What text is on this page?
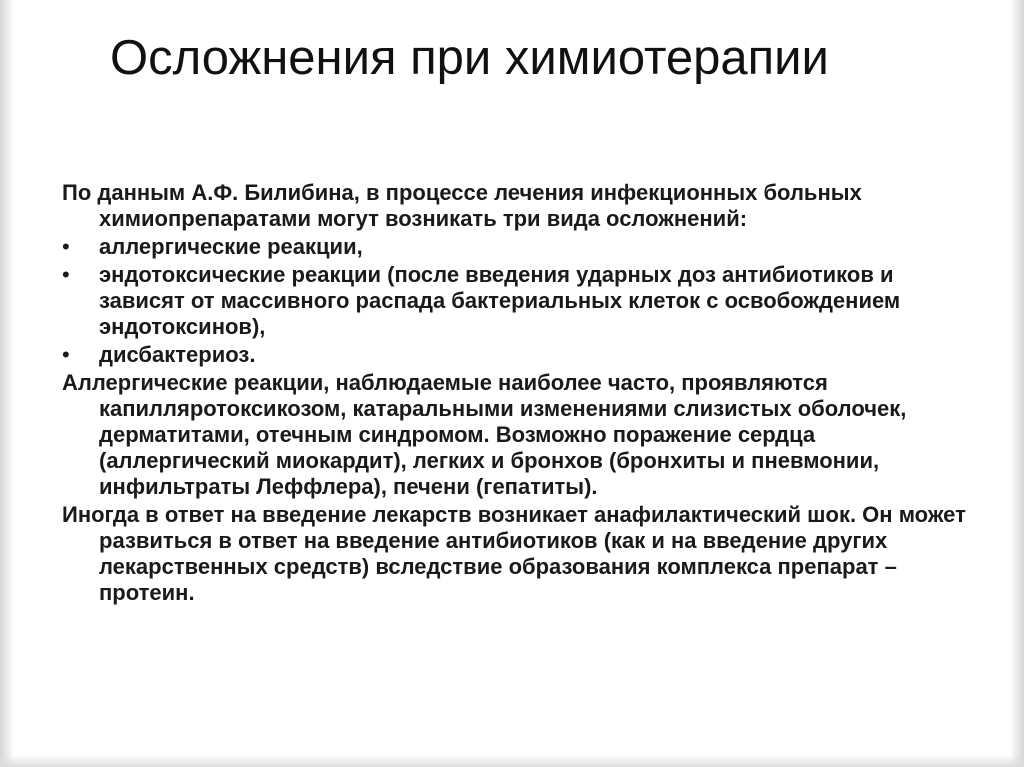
Осложнения при химиотерапии
По данным А.Ф. Билибина, в процессе лечения инфекционных больных химиопрепаратами могут возникать три вида осложнений:
•	аллергические реакции,
•	эндотоксические реакции (после введения ударных доз антибиотиков и зависят от массивного распада бактериальных клеток с освобождением эндотоксинов),
•	дисбактериоз.
Аллергические реакции, наблюдаемые наиболее часто, проявляются капилляротоксикозом, катаральными изменениями слизистых оболочек, дерматитами, отечным синдромом. Возможно поражение сердца (аллергический миокардит), легких и бронхов (бронхиты и пневмонии, инфильтраты Леффлера), печени (гепатиты).
Иногда в ответ на введение лекарств возникает анафилактический шок. Он может развиться в ответ на введение антибиотиков (как и на введение других лекарственных средств) вследствие образования комплекса препарат – протеин.
